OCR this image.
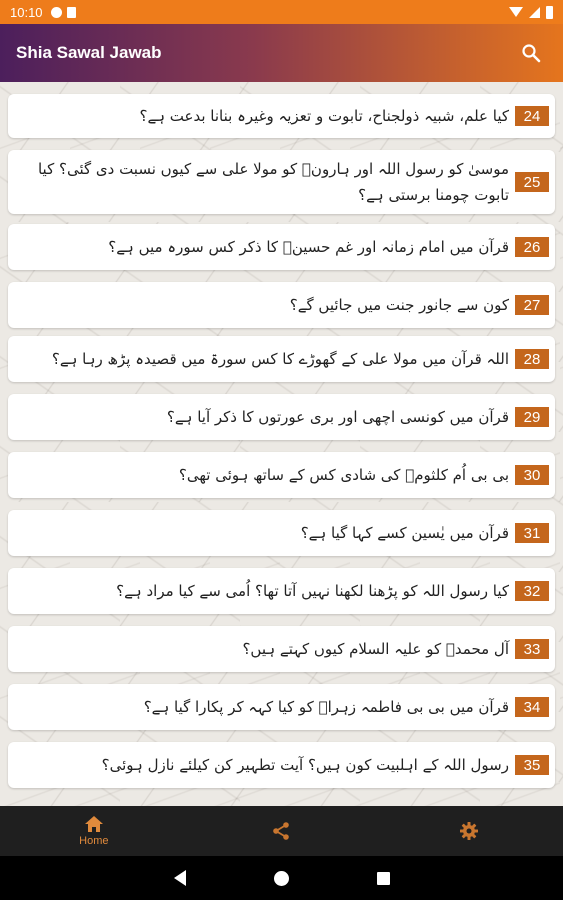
10:10
Shia Sawal Jawab
24
کیا علم، شبیہ ذولجناح، تابوت و تعزیہ وغیرہ بنانا بدعت ہے؟
25
موسیٰ کو رسول اللہ اور ہارونؑ کو مولا علی سے کیوں نسبت دی گئی؟ کیا تابوت چومنا برستی ہے؟
26
قرآن میں امام زمانہ اور غم حسینؑ کا ذکر کس سورہ میں ہے؟
27
کون سے جانور جنت میں جائیں گے؟
28
اللہ قرآن میں مولا علی کے گھوڑے کا کس سورۃ میں قصیدہ پڑھ رہا ہے؟
29
قرآن میں کونسی اچھی اور بری عورتوں کا ذکر آیا ہے؟
30
بی بی اُم کلثومؑ کی شادی کس کے ساتھ ہوئی تھی؟
31
قرآن میں یٰسین کسے کہا گیا ہے؟
32
کیا رسول اللہ کو پڑھنا لکھنا نہیں آتا تھا؟ اُمی سے کیا مراد ہے؟
33
آل محمدؑ کو علیہ السلام کیوں کہتے ہیں؟
34
قرآن میں بی بی فاطمہ زہراؑ کو کیا کہہ کر پکارا گیا ہے؟
35
رسول اللہ کے اہلبیت کون ہیں؟ آیت تطہیر کن کیلئے نازل ہوئی؟
Home
